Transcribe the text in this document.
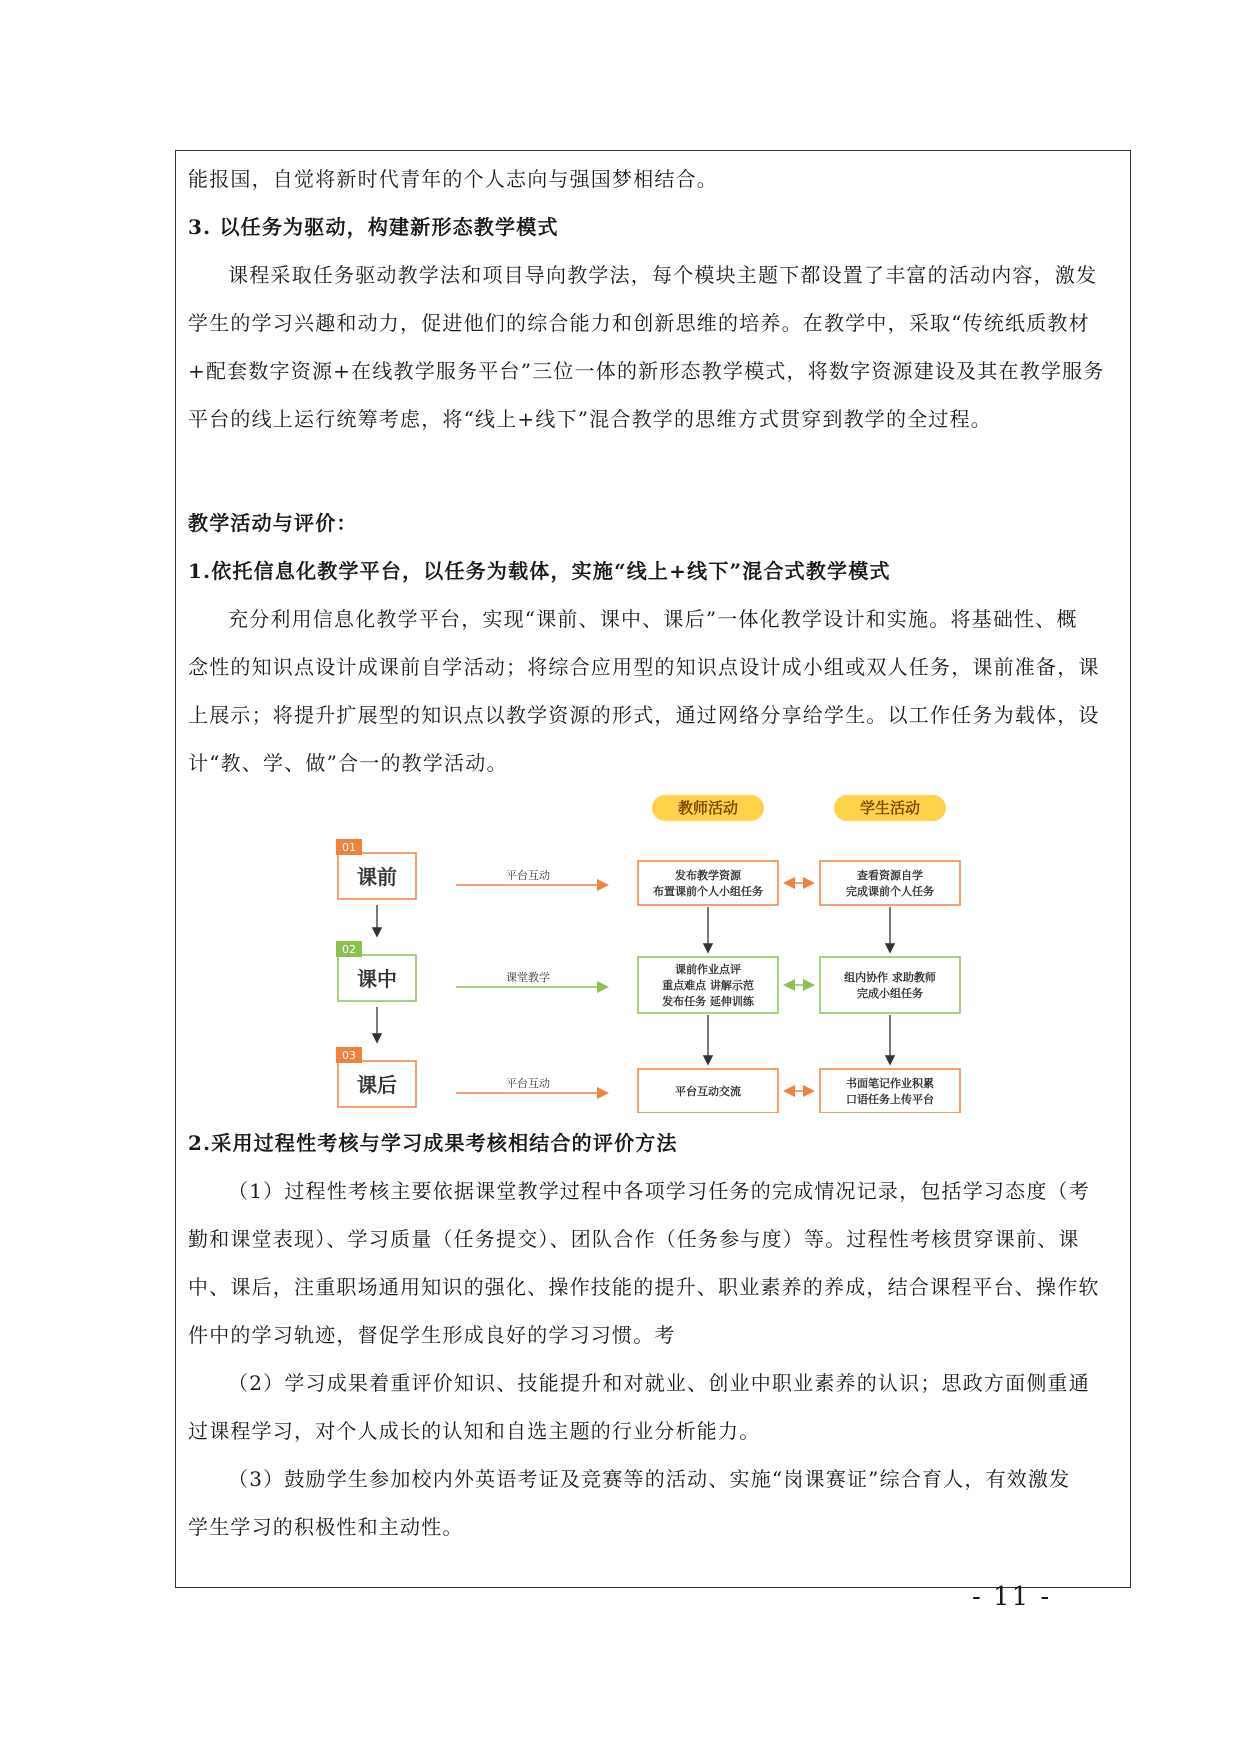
能报国，自觉将新时代青年的个人志向与强国梦相结合。
3. 以任务为驱动，构建新形态教学模式
课程采取任务驱动教学法和项目导向教学法，每个模块主题下都设置了丰富的活动内容，激发
学生的学习兴趣和动力，促进他们的综合能力和创新思维的培养。在教学中，采取“传统纸质教材
+配套数字资源+在线教学服务平台”三位一体的新形态教学模式，将数字资源建设及其在教学服务
平台的线上运行统筹考虑，将“线上+线下”混合教学的思维方式贯穿到教学的全过程。
教学活动与评价：
1.依托信息化教学平台，以任务为载体，实施“线上+线下”混合式教学模式
充分利用信息化教学平台，实现“课前、课中、课后”一体化教学设计和实施。将基础性、概
念性的知识点设计成课前自学活动；将综合应用型的知识点设计成小组或双人任务，课前准备，课
上展示；将提升扩展型的知识点以教学资源的形式，通过网络分享给学生。以工作任务为载体，设
计“教、学、做”合一的教学活动。
教师活动	学生活动
01
课前	平台互动	发布教学资源
布置课前个人小组任务
查看资源自学
完成课前个人任务
02
课中	课堂教学
课前作业点评
重点难点 讲解示范
发布任务 延伸训练
组内协作 求助教师
完成小组任务
03
课后	平台互动
平台互动交流
书面笔记作业积累
口语任务上传平台
2.采用过程性考核与学习成果考核相结合的评价方法
（1）过程性考核主要依据课堂教学过程中各项学习任务的完成情况记录，包括学习态度（考
勤和课堂表现）、学习质量（任务提交）、团队合作（任务参与度）等。过程性考核贯穿课前、课
中、课后，注重职场通用知识的强化、操作技能的提升、职业素养的养成，结合课程平台、操作软
件中的学习轨迹，督促学生形成良好的学习习惯。考
（2）学习成果着重评价知识、技能提升和对就业、创业中职业素养的认识；思政方面侧重通
过课程学习，对个人成长的认知和自选主题的行业分析能力。
（3）鼓励学生参加校内外英语考证及竞赛等的活动、实施“岗课赛证”综合育人，有效激发
学生学习的积极性和主动性。
- 11 -
